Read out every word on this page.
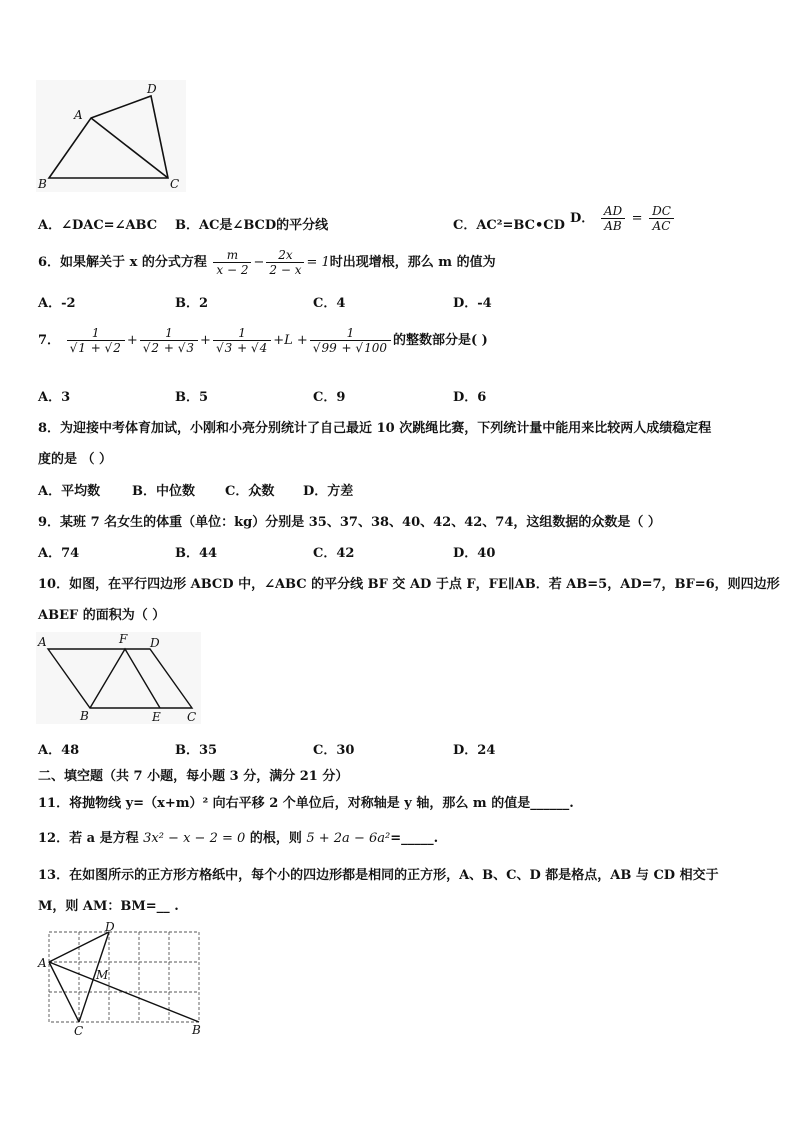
A
B	C
D
A．∠DAC=∠ABC B．AC是∠BCD的平分线	C．AC²=BC•CD D． $\frac{AD}{AB} = \frac{DC}{AC}$
6．如果解关于 x 的分式方程 $\frac{m}{x - 2} - \frac{2x}{2 - x} = 1$时出现增根，那么 m 的值为
A．-2	B．2	C．4	D．-4
7． $\frac{1}{√1 + √2} + \frac{1}{√2 + √3} + \frac{1}{√3 + √4} +L + \frac{1}{√99 + √100}$ 的整数部分是( )
A．3	B．5	C．9	D．6
8．为迎接中考体育加试，小刚和小亮分别统计了自己最近 10 次跳绳比赛，下列统计量中能用来比较两人成绩稳定程
度的是 （ ）
A．平均数 B．中位数 C．众数 D．方差
9．某班 7 名女生的体重（单位：kg）分别是 35、37、38、40、42、42、74，这组数据的众数是（ ）
A．74	B．44	C．42	D．40
10．如图，在平行四边形 ABCD 中，∠ABC 的平分线 BF 交 AD 于点 F，FE∥AB．若 AB=5，AD=7，BF=6，则四边形
ABEF 的面积为（ ）
A	F D
B	E C
A．48	B．35	C．30	D．24
二、填空题（共 7 小题，每小题 3 分，满分 21 分）
11．将抛物线 y=（x+m）² 向右平移 2 个单位后，对称轴是 y 轴，那么 m 的值是______.
12．若 a 是方程 3x² − x − 2 = 0 的根，则 5 + 2a − 6a²=_____.
13．在如图所示的正方形方格纸中，每个小的四边形都是相同的正方形，A、B、C、D 都是格点，AB 与 CD 相交于
M，则 AM：BM=__ .
A
B
C
D
M
